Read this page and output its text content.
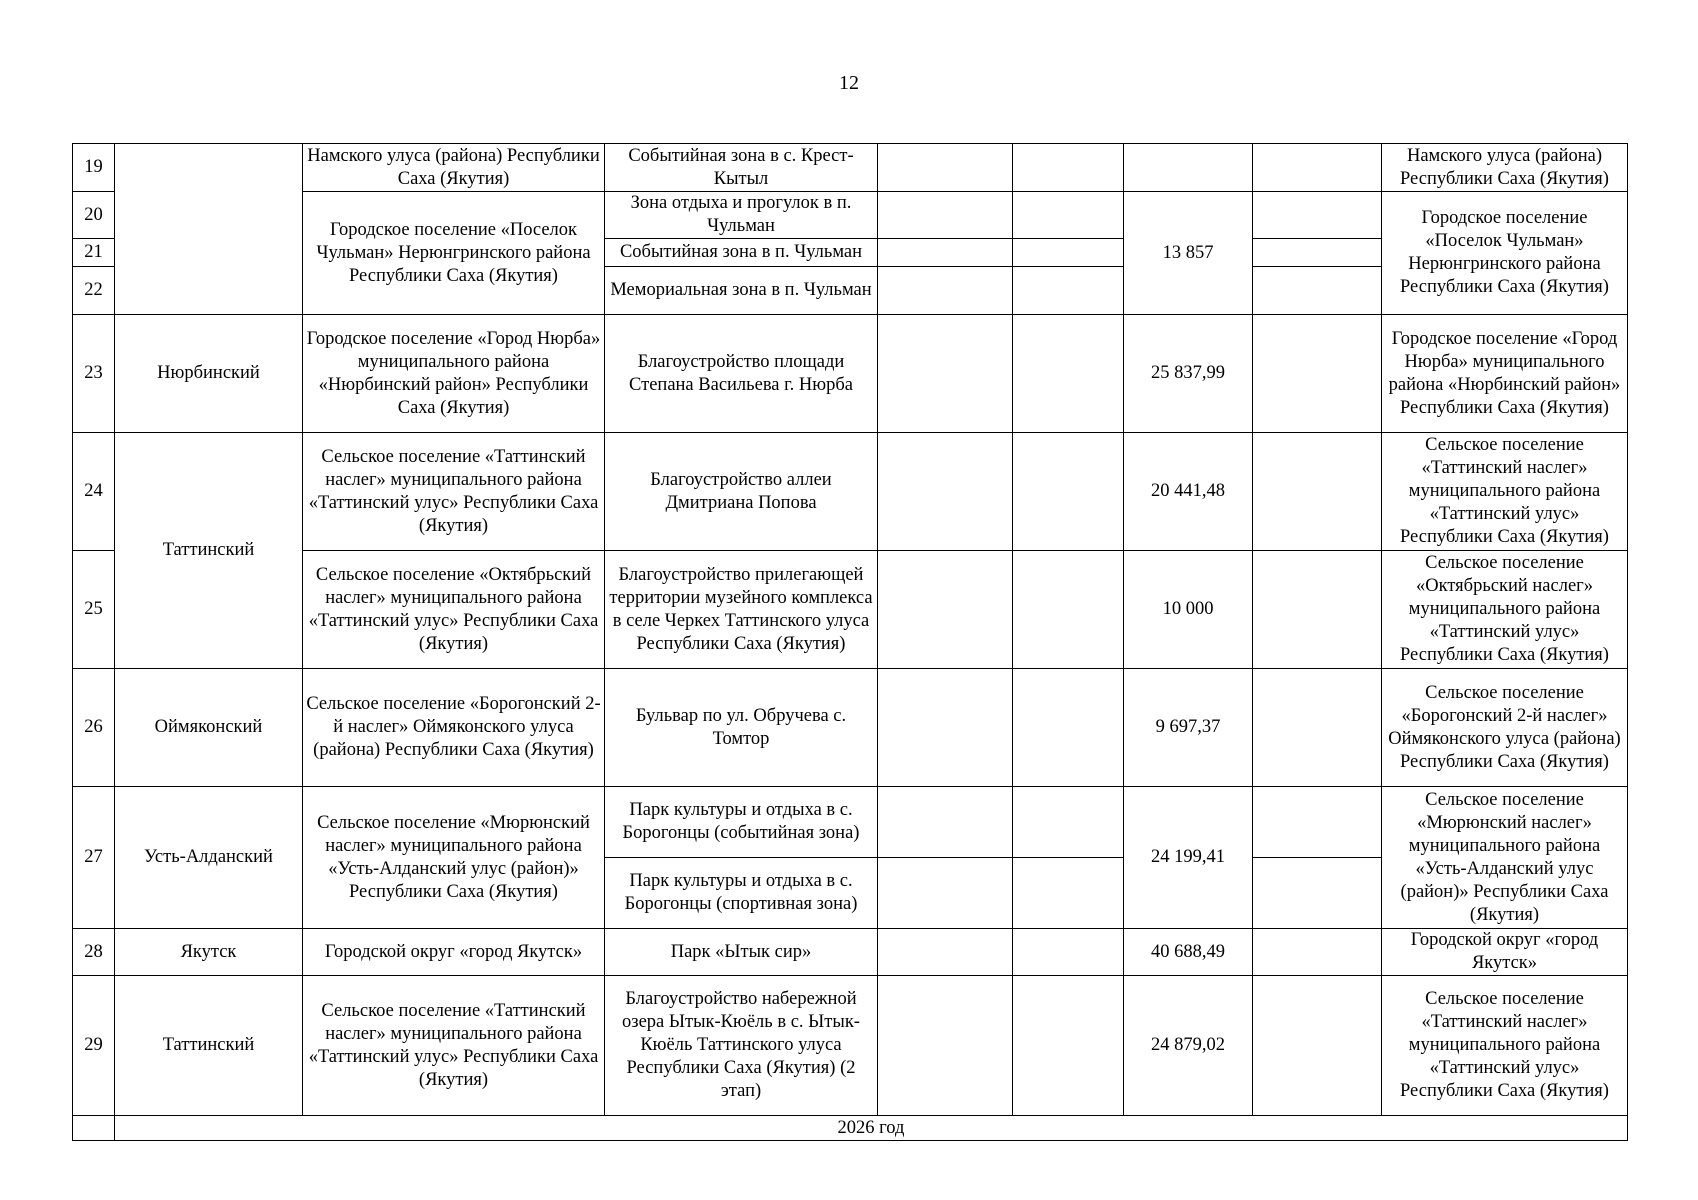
12
19		Намского улуса (района) Республики Саха (Якутия)	Событийная зона в с. Крест-Кытыл					Намского улуса (района) Республики Саха (Якутия)
20		Городское поселение «Поселок Чульман» Нерюнгринского района Республики Саха (Якутия)	Зона отдыха и прогулок в п. Чульман			13 857		Городское поселение «Поселок Чульман» Нерюнгринского района Республики Саха (Якутия)
21			Событийная зона в п. Чульман					
22			Мемориальная зона в п. Чульман					
23	Нюрбинский	Городское поселение «Город Нюрба» муниципального района «Нюрбинский район» Республики Саха (Якутия)	Благоустройство площади Степана Васильева г. Нюрба			25 837,99		Городское поселение «Город Нюрба» муниципального района «Нюрбинский район» Республики Саха (Якутия)
24	Таттинский	Сельское поселение «Таттинский наслег» муниципального района «Таттинский улус» Республики Саха (Якутия)	Благоустройство аллеи Дмитриана Попова			20 441,48		Сельское поселение «Таттинский наслег» муниципального района «Таттинский улус» Республики Саха (Якутия)
25		Сельское поселение «Октябрьский наслег» муниципального района «Таттинский улус» Республики Саха (Якутия)	Благоустройство прилегающей территории музейного комплекса в селе Черкех Таттинского улуса Республики Саха (Якутия)			10 000		Сельское поселение «Октябрьский наслег» муниципального района «Таттинский улус» Республики Саха (Якутия)
26	Оймяконский	Сельское поселение «Борогонский 2-й наслег» Оймяконского улуса (района) Республики Саха (Якутия)	Бульвар по ул. Обручева с. Томтор			9 697,37		Сельское поселение «Борогонский 2-й наслег» Оймяконского улуса (района) Республики Саха (Якутия)
27	Усть-Алданский	Сельское поселение «Мюрюнский наслег» муниципального района «Усть-Алданский улус (район)» Республики Саха (Якутия)	Парк культуры и отдыха в с. Борогонцы (событийная зона)			24 199,41		Сельское поселение «Мюрюнский наслег» муниципального района «Усть-Алданский улус (район)» Республики Саха (Якутия)
			Парк культуры и отдыха в с. Борогонцы (спортивная зона)					
28	Якутск	Городской округ «город Якутск»	Парк «Ытык сир»			40 688,49		Городской округ «город Якутск»
29	Таттинский	Сельское поселение «Таттинский наслег» муниципального района «Таттинский улус» Республики Саха (Якутия)	Благоустройство набережной озера Ытык-Кюёль в с. Ытык-Кюёль Таттинского улуса Республики Саха (Якутия) (2 этап)			24 879,02		Сельское поселение «Таттинский наслег» муниципального района «Таттинский улус» Республики Саха (Якутия)
	2026 год							
